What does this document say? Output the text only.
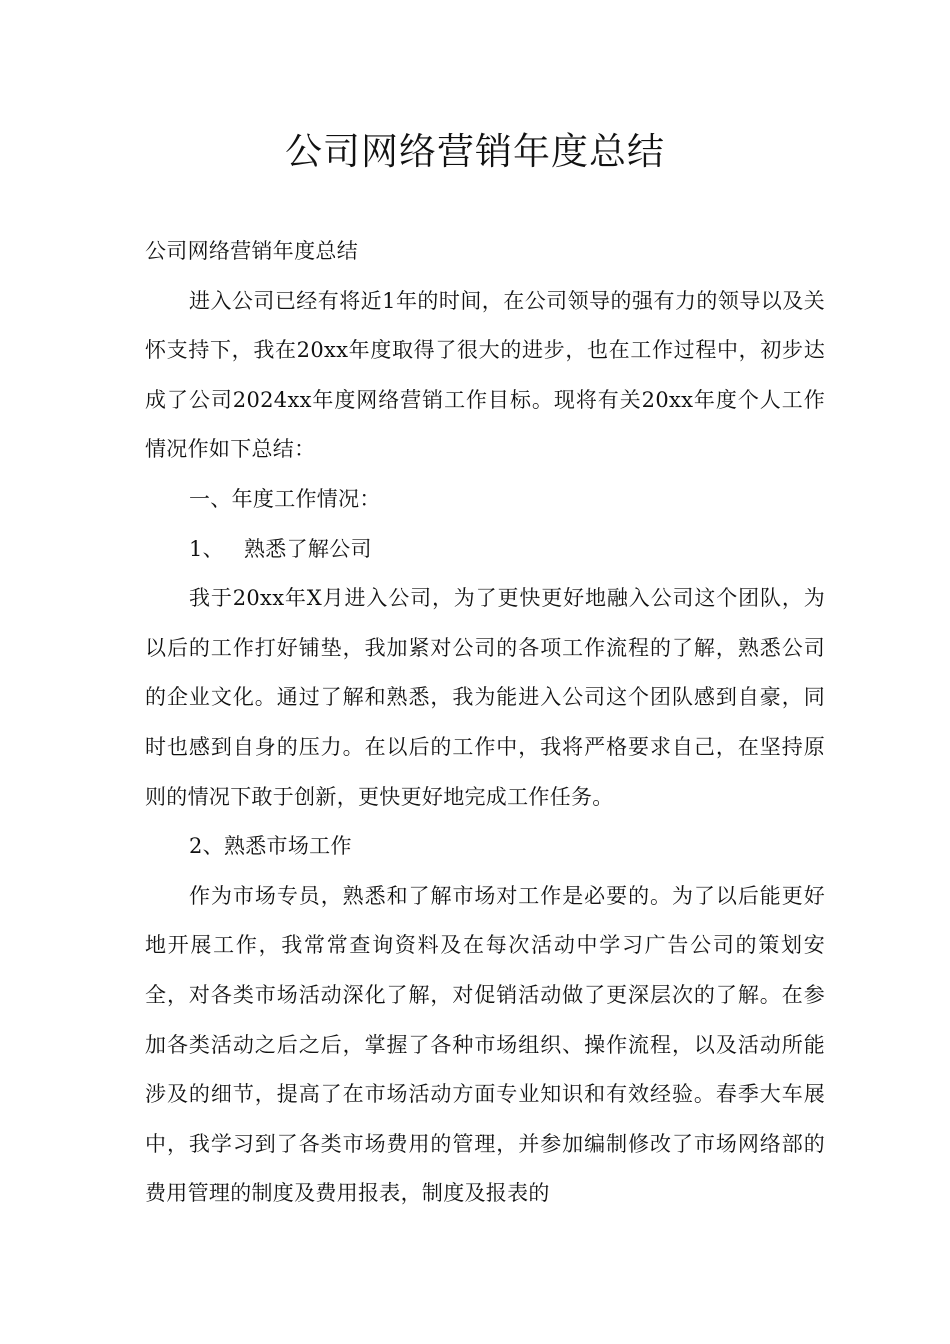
公司网络营销年度总结

公司网络营销年度总结

进入公司已经有将近1年的时间，在公司领导的强有力的领导以及关怀支持下，我在20xx年度取得了很大的进步，也在工作过程中，初步达成了公司2024xx年度网络营销工作目标。现将有关20xx年度个人工作情况作如下总结：

一、年度工作情况：

1、 熟悉了解公司

我于20xx年X月进入公司，为了更快更好地融入公司这个团队，为以后的工作打好铺垫，我加紧对公司的各项工作流程的了解，熟悉公司的企业文化。通过了解和熟悉，我为能进入公司这个团队感到自豪，同时也感到自身的压力。在以后的工作中，我将严格要求自己，在坚持原则的情况下敢于创新，更快更好地完成工作任务。

2、熟悉市场工作

作为市场专员，熟悉和了解市场对工作是必要的。为了以后能更好地开展工作，我常常查询资料及在每次活动中学习广告公司的策划安全，对各类市场活动深化了解，对促销活动做了更深层次的了解。在参加各类活动之后之后，掌握了各种市场组织、操作流程，以及活动所能涉及的细节，提高了在市场活动方面专业知识和有效经验。春季大车展中，我学习到了各类市场费用的管理，并参加编制修改了市场网络部的费用管理的制度及费用报表，制度及报表的
